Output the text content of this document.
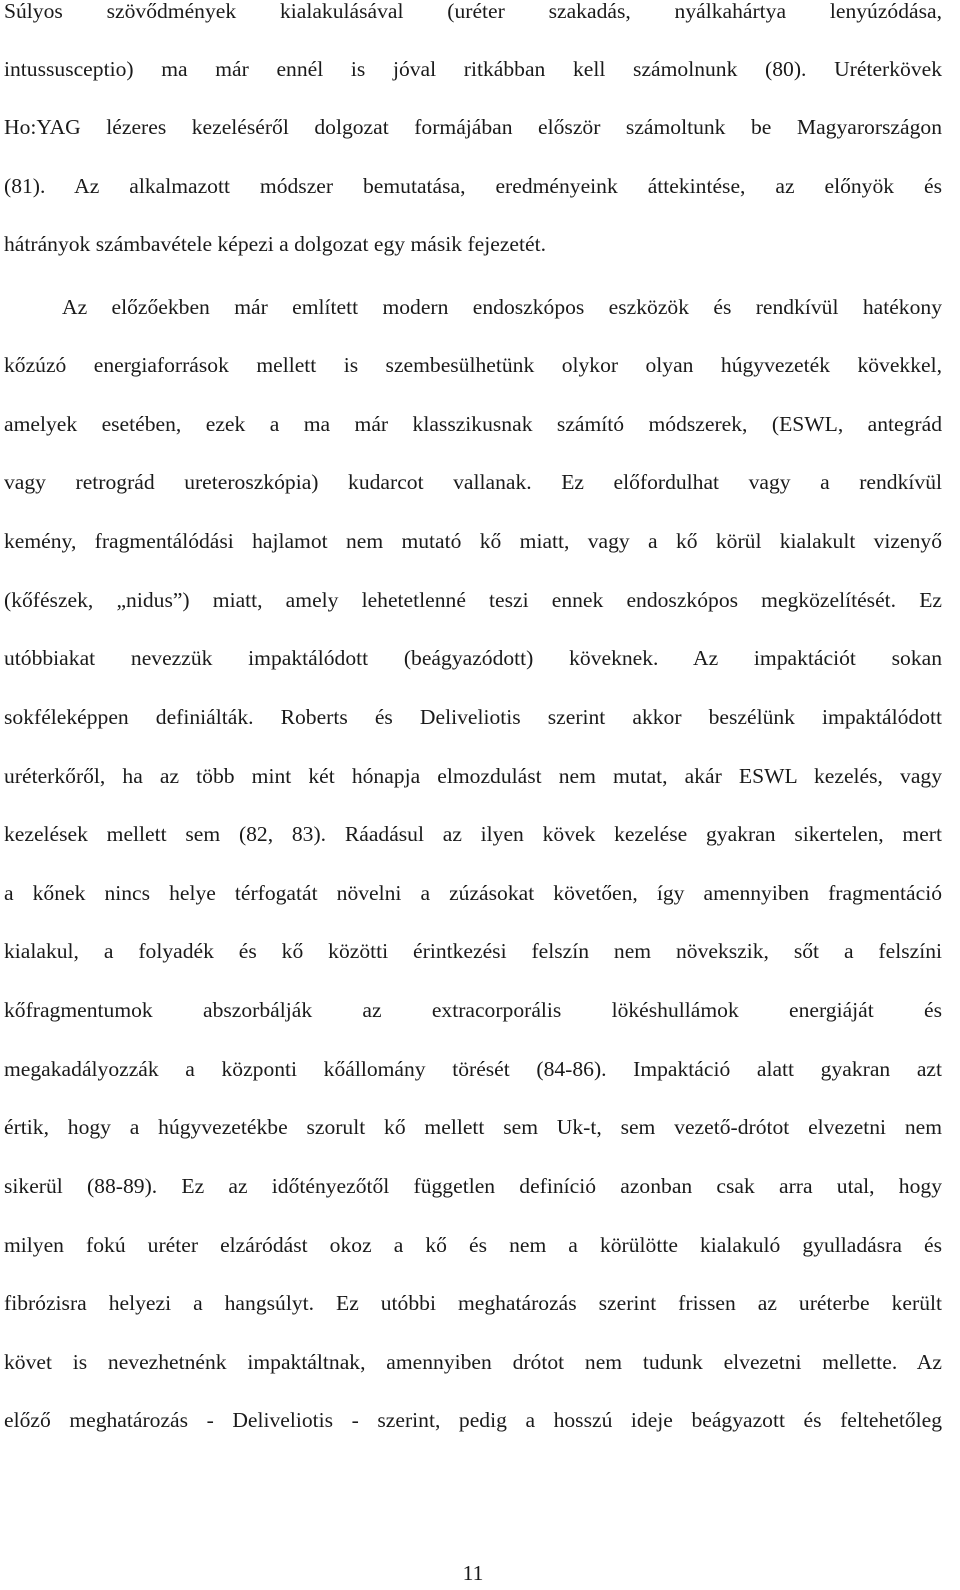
Súlyos szövődmények kialakulásával (uréter szakadás, nyálkahártya lenyúzódása,
intussusceptio) ma már ennél is jóval ritkábban kell számolnunk (80). Uréterkövek
Ho:YAG lézeres kezeléséről dolgozat formájában először számoltunk be Magyarországon
(81). Az alkalmazott módszer bemutatása, eredményeink áttekintése, az előnyök és
hátrányok számbavétele képezi a dolgozat egy másik fejezetét.
Az előzőekben már említett modern endoszkópos eszközök és rendkívül hatékony
kőzúzó energiaforrások mellett is szembesülhetünk olykor olyan húgyvezeték kövekkel,
amelyek esetében, ezek a ma már klasszikusnak számító módszerek, (ESWL, antegrád
vagy retrográd ureteroszkópia) kudarcot vallanak. Ez előfordulhat vagy a rendkívül
kemény, fragmentálódási hajlamot nem mutató kő miatt, vagy a kő körül kialakult vizenyő
(kőfészek, „nidus”) miatt, amely lehetetlenné teszi ennek endoszkópos megközelítését. Ez
utóbbiakat nevezzük impaktálódott (beágyazódott) köveknek. Az impaktációt sokan
sokféleképpen definiálták. Roberts és Deliveliotis szerint akkor beszélünk impaktálódott
uréterkőről, ha az több mint két hónapja elmozdulást nem mutat, akár ESWL kezelés, vagy
kezelések mellett sem (82, 83). Ráadásul az ilyen kövek kezelése gyakran sikertelen, mert
a kőnek nincs helye térfogatát növelni a zúzásokat követően, így amennyiben fragmentáció
kialakul, a folyadék és kő közötti érintkezési felszín nem növekszik, sőt a felszíni
kőfragmentumok abszorbálják az extracorporális lökéshullámok energiáját és
megakadályozzák a központi kőállomány törését (84-86). Impaktáció alatt gyakran azt
értik, hogy a húgyvezetékbe szorult kő mellett sem Uk-t, sem vezető-drótot elvezetni nem
sikerül (88-89). Ez az időtényezőtől független definíció azonban csak arra utal, hogy
milyen fokú uréter elzáródást okoz a kő és nem a körülötte kialakuló gyulladásra és
fibrózisra helyezi a hangsúlyt. Ez utóbbi meghatározás szerint frissen az uréterbe került
követ is nevezhetnénk impaktáltnak, amennyiben drótot nem tudunk elvezetni mellette. Az
előző meghatározás - Deliveliotis - szerint, pedig a hosszú ideje beágyazott és feltehetőleg
11
